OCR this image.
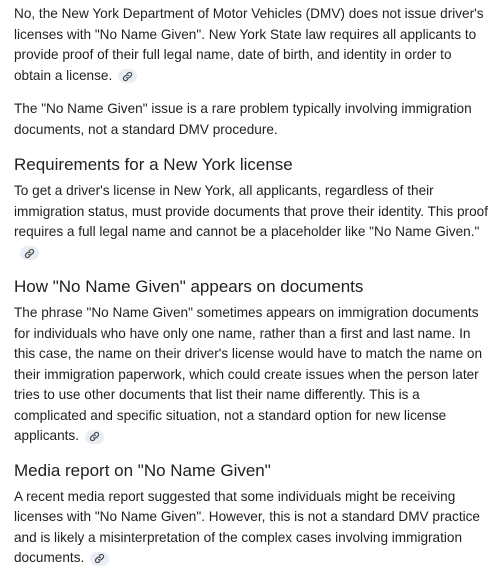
No, the New York Department of Motor Vehicles (DMV) does not issue driver's licenses with "No Name Given". New York State law requires all applicants to provide proof of their full legal name, date of birth, and identity in order to obtain a license.

The "No Name Given" issue is a rare problem typically involving immigration documents, not a standard DMV procedure.

Requirements for a New York license

To get a driver's license in New York, all applicants, regardless of their immigration status, must provide documents that prove their identity. This proof requires a full legal name and cannot be a placeholder like "No Name Given."

How "No Name Given" appears on documents

The phrase "No Name Given" sometimes appears on immigration documents for individuals who have only one name, rather than a first and last name. In this case, the name on their driver's license would have to match the name on their immigration paperwork, which could create issues when the person later tries to use other documents that list their name differently. This is a complicated and specific situation, not a standard option for new license applicants.

Media report on "No Name Given"

A recent media report suggested that some individuals might be receiving licenses with "No Name Given". However, this is not a standard DMV practice and is likely a misinterpretation of the complex cases involving immigration documents.
